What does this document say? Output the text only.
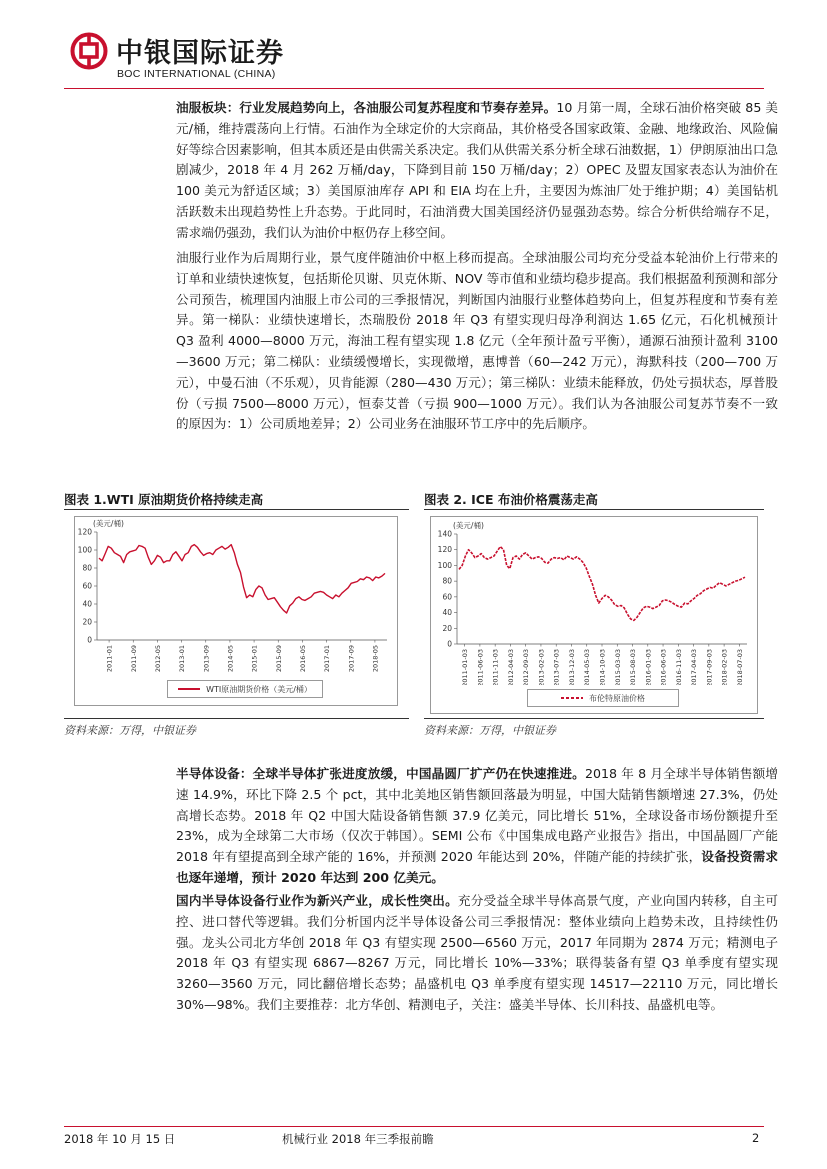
中银国际证券
BOC INTERNATIONAL (CHINA)

油服板块：行业发展趋势向上，各油服公司复苏程度和节奏存差异。10 月第一周，全球石油价格突破 85 美元/桶，维持震荡向上行情。石油作为全球定价的大宗商品，其价格受各国家政策、金融、地缘政治、风险偏好等综合因素影响，但其本质还是由供需关系决定。我们从供需关系分析全球石油数据，1）伊朗原油出口急剧减少，2018 年 4 月 262 万桶/day，下降到目前 150 万桶/day；2）OPEC 及盟友国家表态认为油价在 100 美元为舒适区域；3）美国原油库存 API 和 EIA 均在上升，主要因为炼油厂处于维护期；4）美国钻机活跃数未出现趋势性上升态势。于此同时，石油消费大国美国经济仍显强劲态势。综合分析供给端存不足，需求端仍强劲，我们认为油价中枢仍存上移空间。

油服行业作为后周期行业，景气度伴随油价中枢上移而提高。全球油服公司均充分受益本轮油价上行带来的订单和业绩快速恢复，包括斯伦贝谢、贝克休斯、NOV 等市值和业绩均稳步提高。我们根据盈利预测和部分公司预告，梳理国内油服上市公司的三季报情况，判断国内油服行业整体趋势向上，但复苏程度和节奏有差异。第一梯队：业绩快速增长，杰瑞股份 2018 年 Q3 有望实现归母净利润达 1.65 亿元，石化机械预计 Q3 盈利 4000—8000 万元，海油工程有望实现 1.8 亿元（全年预计盈亏平衡），通源石油预计盈利 3100—3600 万元；第二梯队：业绩缓慢增长，实现微增，惠博普（60—242 万元），海默科技（200—700 万元），中曼石油（不乐观），贝肯能源（280—430 万元）；第三梯队：业绩未能释放，仍处亏损状态，厚普股份（亏损 7500—8000 万元），恒泰艾普（亏损 900—1000 万元）。我们认为各油服公司复苏节奏不一致的原因为：1）公司质地差异；2）公司业务在油服环节工序中的先后顺序。

图表 1.WTI 原油期货价格持续走高
(美元/桶)
0
20
40
60
80
100
120
2011-01 2011-09 2012-05 2013-01 2013-09 2014-05 2015-01 2015-09 2016-05 2017-01 2017-09 2018-05
WTI原油期货价格（美元/桶）
资料来源：万得，中银证券
图表 2. ICE 布油价格震荡走高
(美元/桶)
0
20
40
60
80
100
120
140
2011-01-03 2011-06-03 2011-11-03 2012-04-03 2012-09-03 2013-02-03 2013-07-03 2013-12-03 2014-05-03 2014-10-03 2015-03-03 2015-08-03 2016-01-03 2016-06-03 2016-11-03 2017-04-03 2017-09-03 2018-02-03 2018-07-03
布伦特原油价格
资料来源：万得，中银证券

半导体设备：全球半导体扩张进度放缓，中国晶圆厂扩产仍在快速推进。2018 年 8 月全球半导体销售额增速 14.9%，环比下降 2.5 个 pct，其中北美地区销售额回落最为明显，中国大陆销售额增速 27.3%，仍处高增长态势。2018 年 Q2 中国大陆设备销售额 37.9 亿美元，同比增长 51%，全球设备市场份额提升至 23%，成为全球第二大市场（仅次于韩国）。SEMI 公布《中国集成电路产业报告》指出，中国晶圆厂产能 2018 年有望提高到全球产能的 16%，并预测 2020 年能达到 20%，伴随产能的持续扩张，设备投资需求也逐年递增，预计 2020 年达到 200 亿美元。

国内半导体设备行业作为新兴产业，成长性突出。充分受益全球半导体高景气度，产业向国内转移，自主可控、进口替代等逻辑。我们分析国内泛半导体设备公司三季报情况：整体业绩向上趋势未改，且持续性仍强。龙头公司北方华创 2018 年 Q3 有望实现 2500—6560 万元，2017 年同期为 2874 万元；精测电子 2018 年 Q3 有望实现 6867—8267 万元，同比增长 10%—33%；联得装备有望 Q3 单季度有望实现 3260—3560 万元，同比翻倍增长态势；晶盛机电 Q3 单季度有望实现 14517—22110 万元，同比增长 30%—98%。我们主要推荐：北方华创、精测电子，关注：盛美半导体、长川科技、晶盛机电等。

2018 年 10 月 15 日	机械行业 2018 年三季报前瞻	2
